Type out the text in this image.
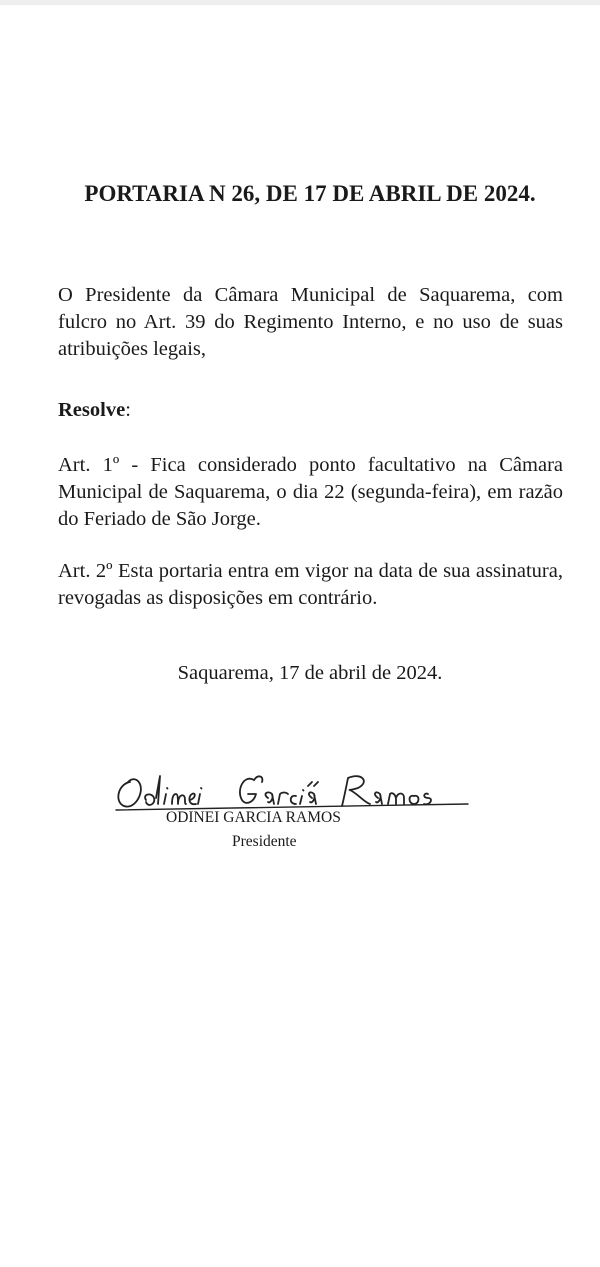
PORTARIA N 26, DE 17 DE ABRIL DE 2024.

O Presidente da Câmara Municipal de Saquarema, com fulcro no Art. 39 do Regimento Interno, e no uso de suas atribuições legais,

Resolve:

Art. 1º - Fica considerado ponto facultativo na Câmara Municipal de Saquarema, o dia 22 (segunda-feira), em razão do Feriado de São Jorge.

Art. 2º Esta portaria entra em vigor na data de sua assinatura, revogadas as disposições em contrário.

Saquarema, 17 de abril de 2024.

ODINEI GARCIA RAMOS

Presidente
